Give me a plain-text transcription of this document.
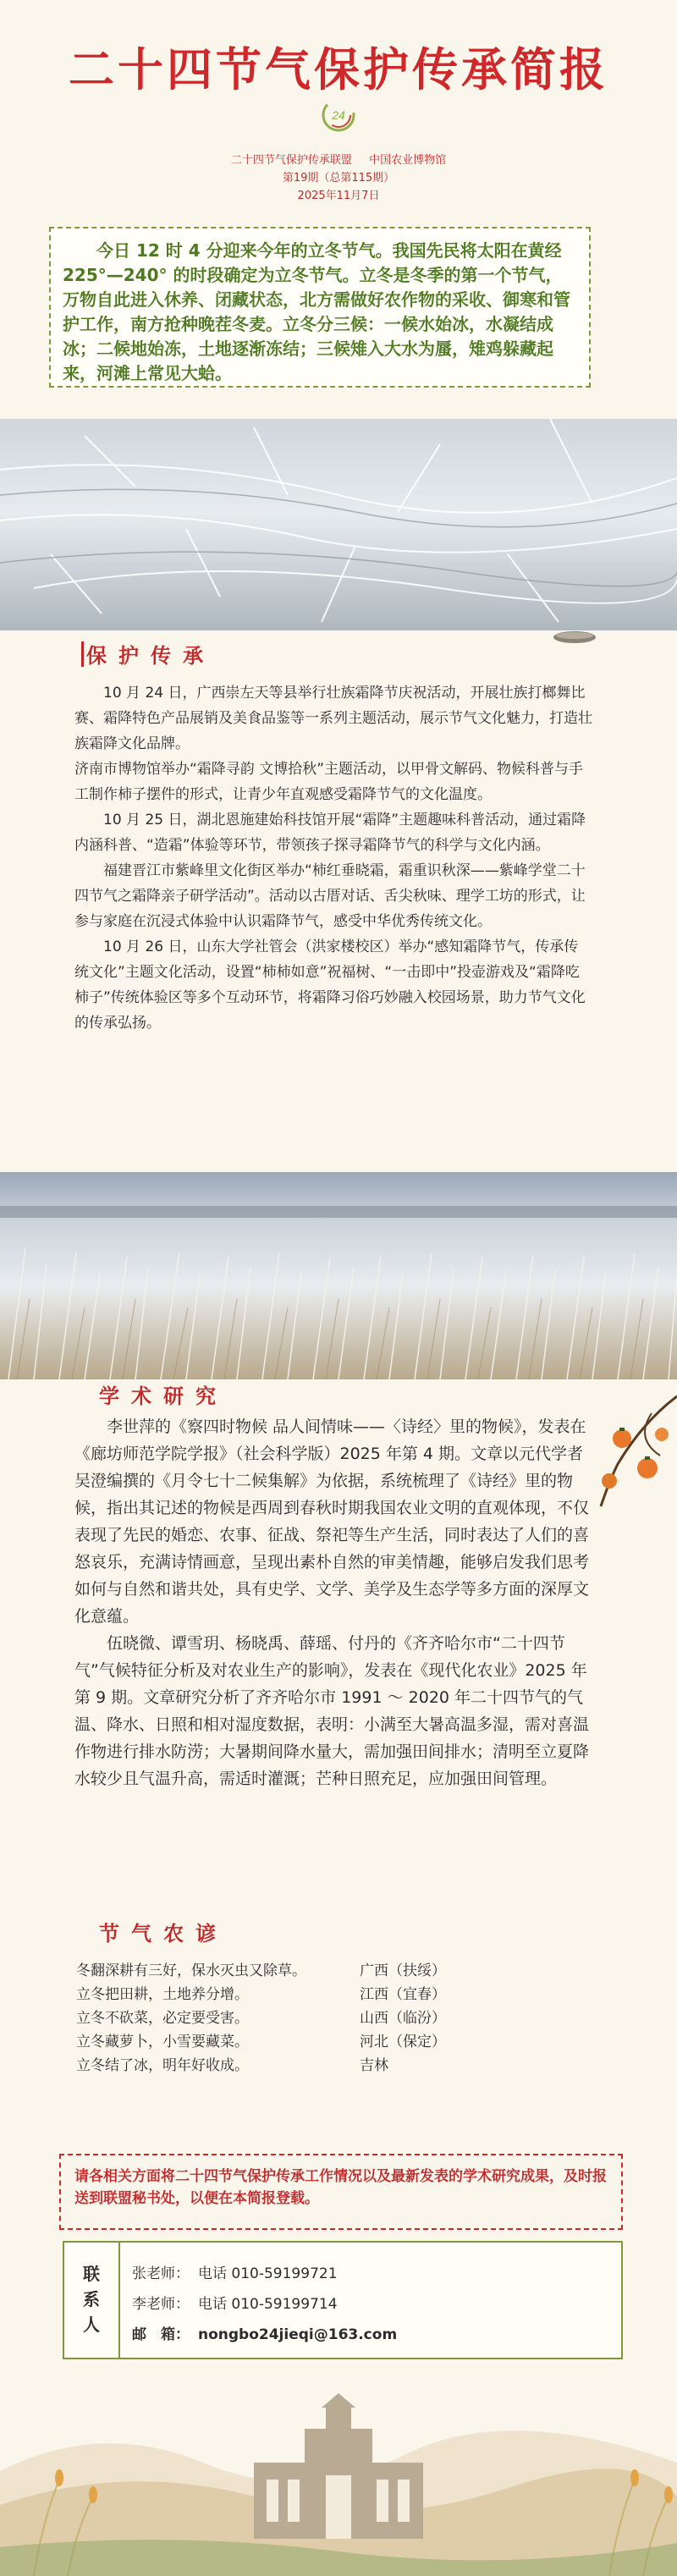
二十四节气保护传承简报
24
二十四节气保护传承联盟 中国农业博物馆
第19期（总第115期）
2025年11月7日

今日 12 时 4 分迎来今年的立冬节气。我国先民将太阳在黄经 225°—240° 的时段确定为立冬节气。立冬是冬季的第一个节气，万物自此进入休养、闭藏状态，北方需做好农作物的采收、御寒和管护工作，南方抢种晚茬冬麦。立冬分三候：一候水始冰，水凝结成冰；二候地始冻，土地逐渐冻结；三候雉入大水为蜃，雉鸡躲藏起来，河滩上常见大蛤。

保护传承

10 月 24 日，广西崇左天等县举行壮族霜降节庆祝活动，开展壮族打榔舞比赛、霜降特色产品展销及美食品鉴等一系列主题活动，展示节气文化魅力，打造壮族霜降文化品牌。

济南市博物馆举办“霜降寻韵 文博拾秋”主题活动，以甲骨文解码、物候科普与手工制作柿子摆件的形式，让青少年直观感受霜降节气的文化温度。

10 月 25 日，湖北恩施建始科技馆开展“霜降”主题趣味科普活动，通过霜降内涵科普、“造霜”体验等环节，带领孩子探寻霜降节气的科学与文化内涵。

福建晋江市紫峰里文化街区举办“柿红垂晓霜，霜重识秋深——紫峰学堂二十四节气之霜降亲子研学活动”。活动以古厝对话、舌尖秋味、理学工坊的形式，让参与家庭在沉浸式体验中认识霜降节气，感受中华优秀传统文化。

10 月 26 日，山东大学社管会（洪家楼校区）举办“感知霜降节气，传承传统文化”主题文化活动，设置“柿柿如意”祝福树、“一击即中”投壶游戏及“霜降吃柿子”传统体验区等多个互动环节，将霜降习俗巧妙融入校园场景，助力节气文化的传承弘扬。

学术研究

李世萍的《察四时物候 品人间情味——〈诗经〉里的物候》，发表在《廊坊师范学院学报》（社会科学版）2025 年第 4 期。文章以元代学者吴澄编撰的《月令七十二候集解》为依据，系统梳理了《诗经》里的物候，指出其记述的物候是西周到春秋时期我国农业文明的直观体现，不仅表现了先民的婚恋、农事、征战、祭祀等生产生活，同时表达了人们的喜怒哀乐，充满诗情画意，呈现出素朴自然的审美情趣，能够启发我们思考如何与自然和谐共处，具有史学、文学、美学及生态学等多方面的深厚文化意蕴。

伍晓微、谭雪玥、杨晓禹、薛瑶、付丹的《齐齐哈尔市“二十四节气”气候特征分析及对农业生产的影响》，发表在《现代化农业》2025 年第 9 期。文章研究分析了齐齐哈尔市 1991 ～ 2020 年二十四节气的气温、降水、日照和相对湿度数据，表明：小满至大暑高温多湿，需对喜温作物进行排水防涝；大暑期间降水量大，需加强田间排水；清明至立夏降水较少且气温升高，需适时灌溉；芒种日照充足，应加强田间管理。

节气农谚
冬翻深耕有三好，保水灭虫又除草。	广西（扶绥）
立冬把田耕，土地养分增。	江西（宜春）
立冬不砍菜，必定要受害。	山西（临汾）
立冬藏萝卜，小雪要藏菜。	河北（保定）
立冬结了冰，明年好收成。	吉林
请各相关方面将二十四节气保护传承工作情况以及最新发表的学术研究成果，及时报送到联盟秘书处，以便在本简报登载。
联系人
张老师： 电话 010-59199721
李老师： 电话 010-59199714
邮　箱： nongbo24jieqi@163.com
